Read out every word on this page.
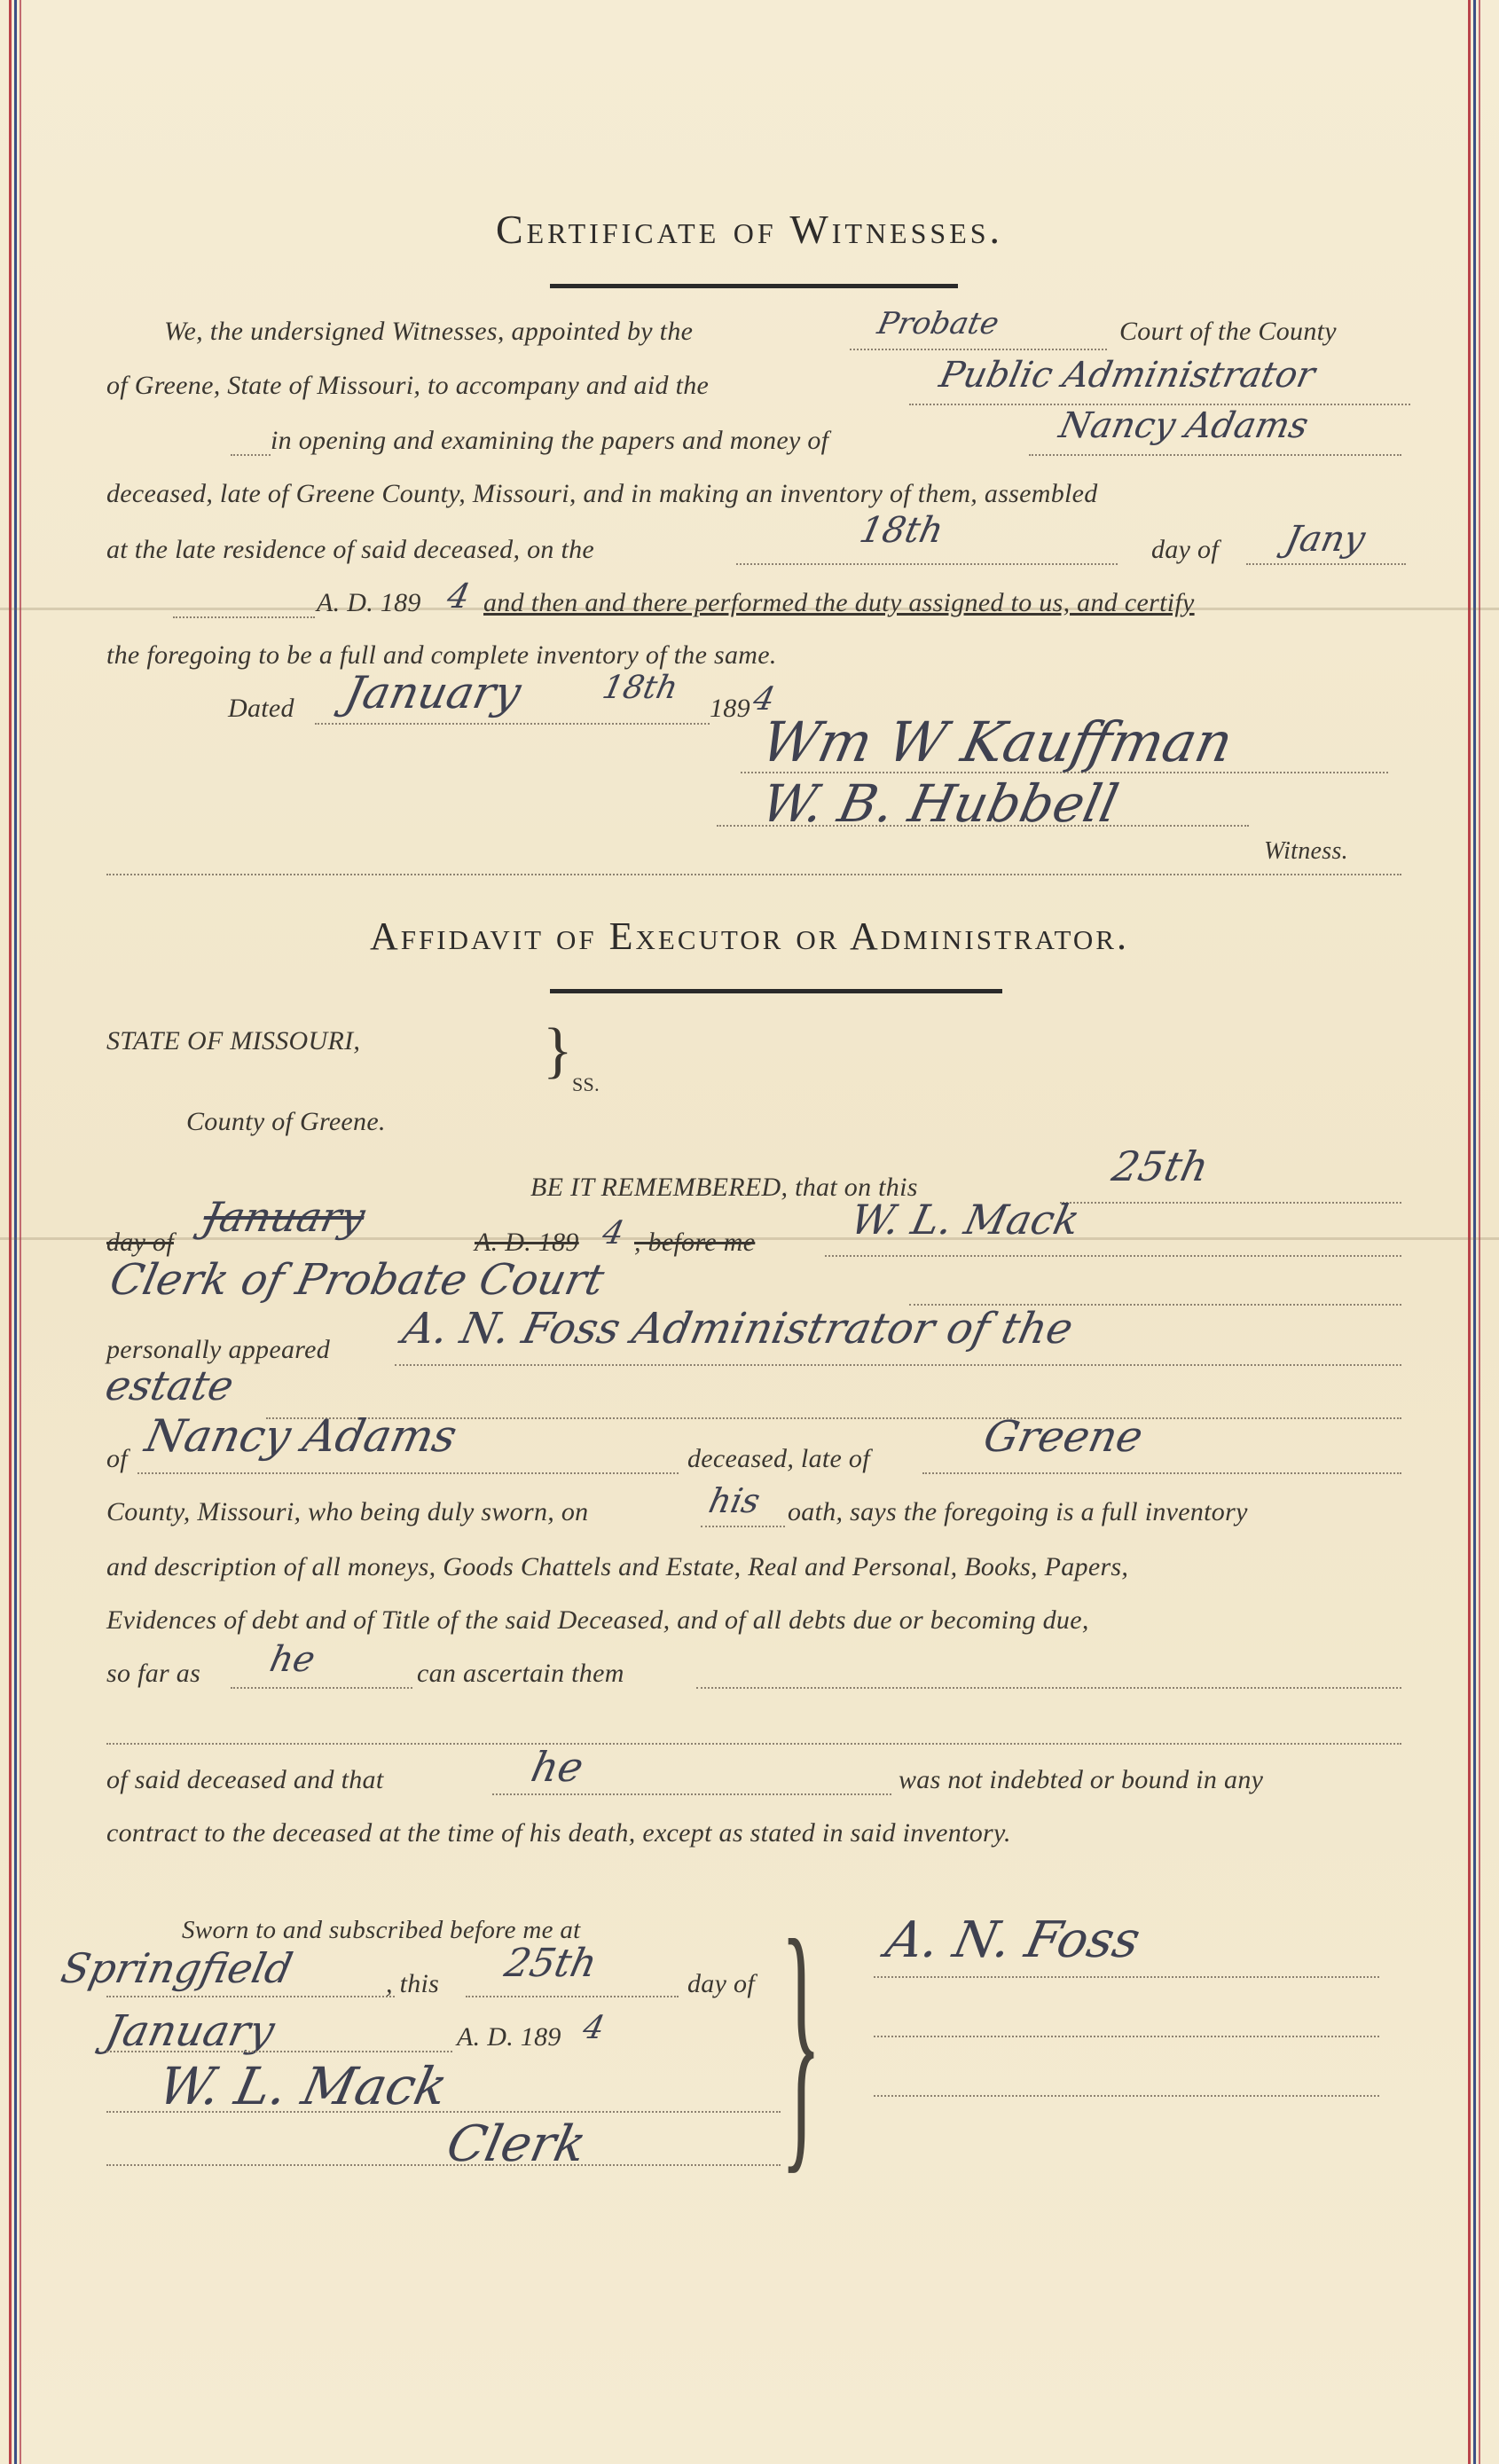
Certificate of Witnesses.
We, the undersigned Witnesses, appointed by the	Probate	Court of the County
of Greene, State of Missouri, to accompany and aid the	Public Administrator
in opening and examining the papers and money of	Nancy Adams
deceased, late of Greene County, Missouri, and in making an inventory of them, assembled
at the late residence of said deceased, on the	18th	day of Jany
A. D. 189 4 and then and there performed the duty assigned to us, and certify
the foregoing to be a full and complete inventory of the same.
Dated January 18th
189 4
Wm W Kauffman
W. B. Hubbell
Witness.
Affidavit of Executor or Administrator.
STATE OF MISSOURI,	} SS.
County of Greene.
BE IT REMEMBERED, that on this	25th
day of
January
A. D. 189 4 , before me W. L. Mack
Clerk of Probate Court
personally appeared A. N. Foss Administrator of the
estate
of Nancy Adams	deceased, late of	Greene
County, Missouri, who being duly sworn, on	his oath, says the foregoing is a full inventory
and description of all moneys, Goods Chattels and Estate, Real and Personal, Books, Papers,
Evidences of debt and of Title of the said Deceased, and of all debts due or becoming due,
so far as he	can ascertain them
of said deceased and that	he	was not indebted or bound in any
contract to the deceased at the time of his death, except as stated in said inventory.
Sworn to and subscribed before me at
Springfield	, this 25th	day of
January	A. D. 189 4
W. L. Mack
Clerk } A. N. Foss
